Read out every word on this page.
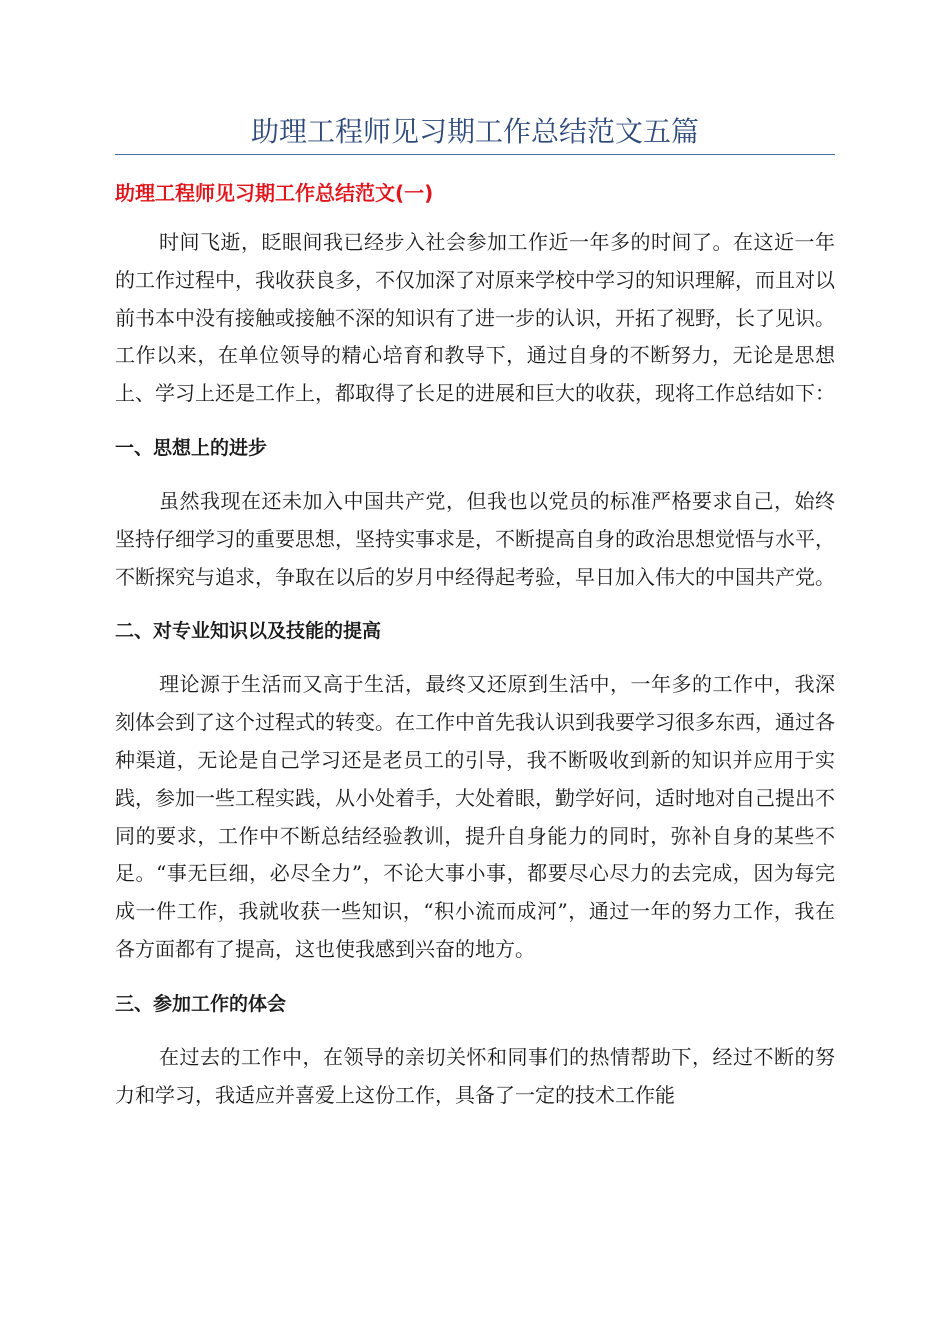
助理工程师见习期工作总结范文五篇
助理工程师见习期工作总结范文(一)

时间飞逝，眨眼间我已经步入社会参加工作近一年多的时间了。在这近一年的工作过程中，我收获良多，不仅加深了对原来学校中学习的知识理解，而且对以前书本中没有接触或接触不深的知识有了进一步的认识，开拓了视野，长了见识。工作以来，在单位领导的精心培育和教导下，通过自身的不断努力，无论是思想上、学习上还是工作上，都取得了长足的进展和巨大的收获，现将工作总结如下：

一、思想上的进步

虽然我现在还未加入中国共产党，但我也以党员的标准严格要求自己，始终坚持仔细学习的重要思想，坚持实事求是，不断提高自身的政治思想觉悟与水平，不断探究与追求，争取在以后的岁月中经得起考验，早日加入伟大的中国共产党。

二、对专业知识以及技能的提高

理论源于生活而又高于生活，最终又还原到生活中，一年多的工作中，我深刻体会到了这个过程式的转变。在工作中首先我认识到我要学习很多东西，通过各种渠道，无论是自己学习还是老员工的引导，我不断吸收到新的知识并应用于实践，参加一些工程实践，从小处着手，大处着眼，勤学好问，适时地对自己提出不同的要求，工作中不断总结经验教训，提升自身能力的同时，弥补自身的某些不足。“事无巨细，必尽全力”，不论大事小事，都要尽心尽力的去完成，因为每完成一件工作，我就收获一些知识，“积小流而成河”，通过一年的努力工作，我在各方面都有了提高，这也使我感到兴奋的地方。

三、参加工作的体会

在过去的工作中，在领导的亲切关怀和同事们的热情帮助下，经过不断的努力和学习，我适应并喜爱上这份工作，具备了一定的技术工作能
